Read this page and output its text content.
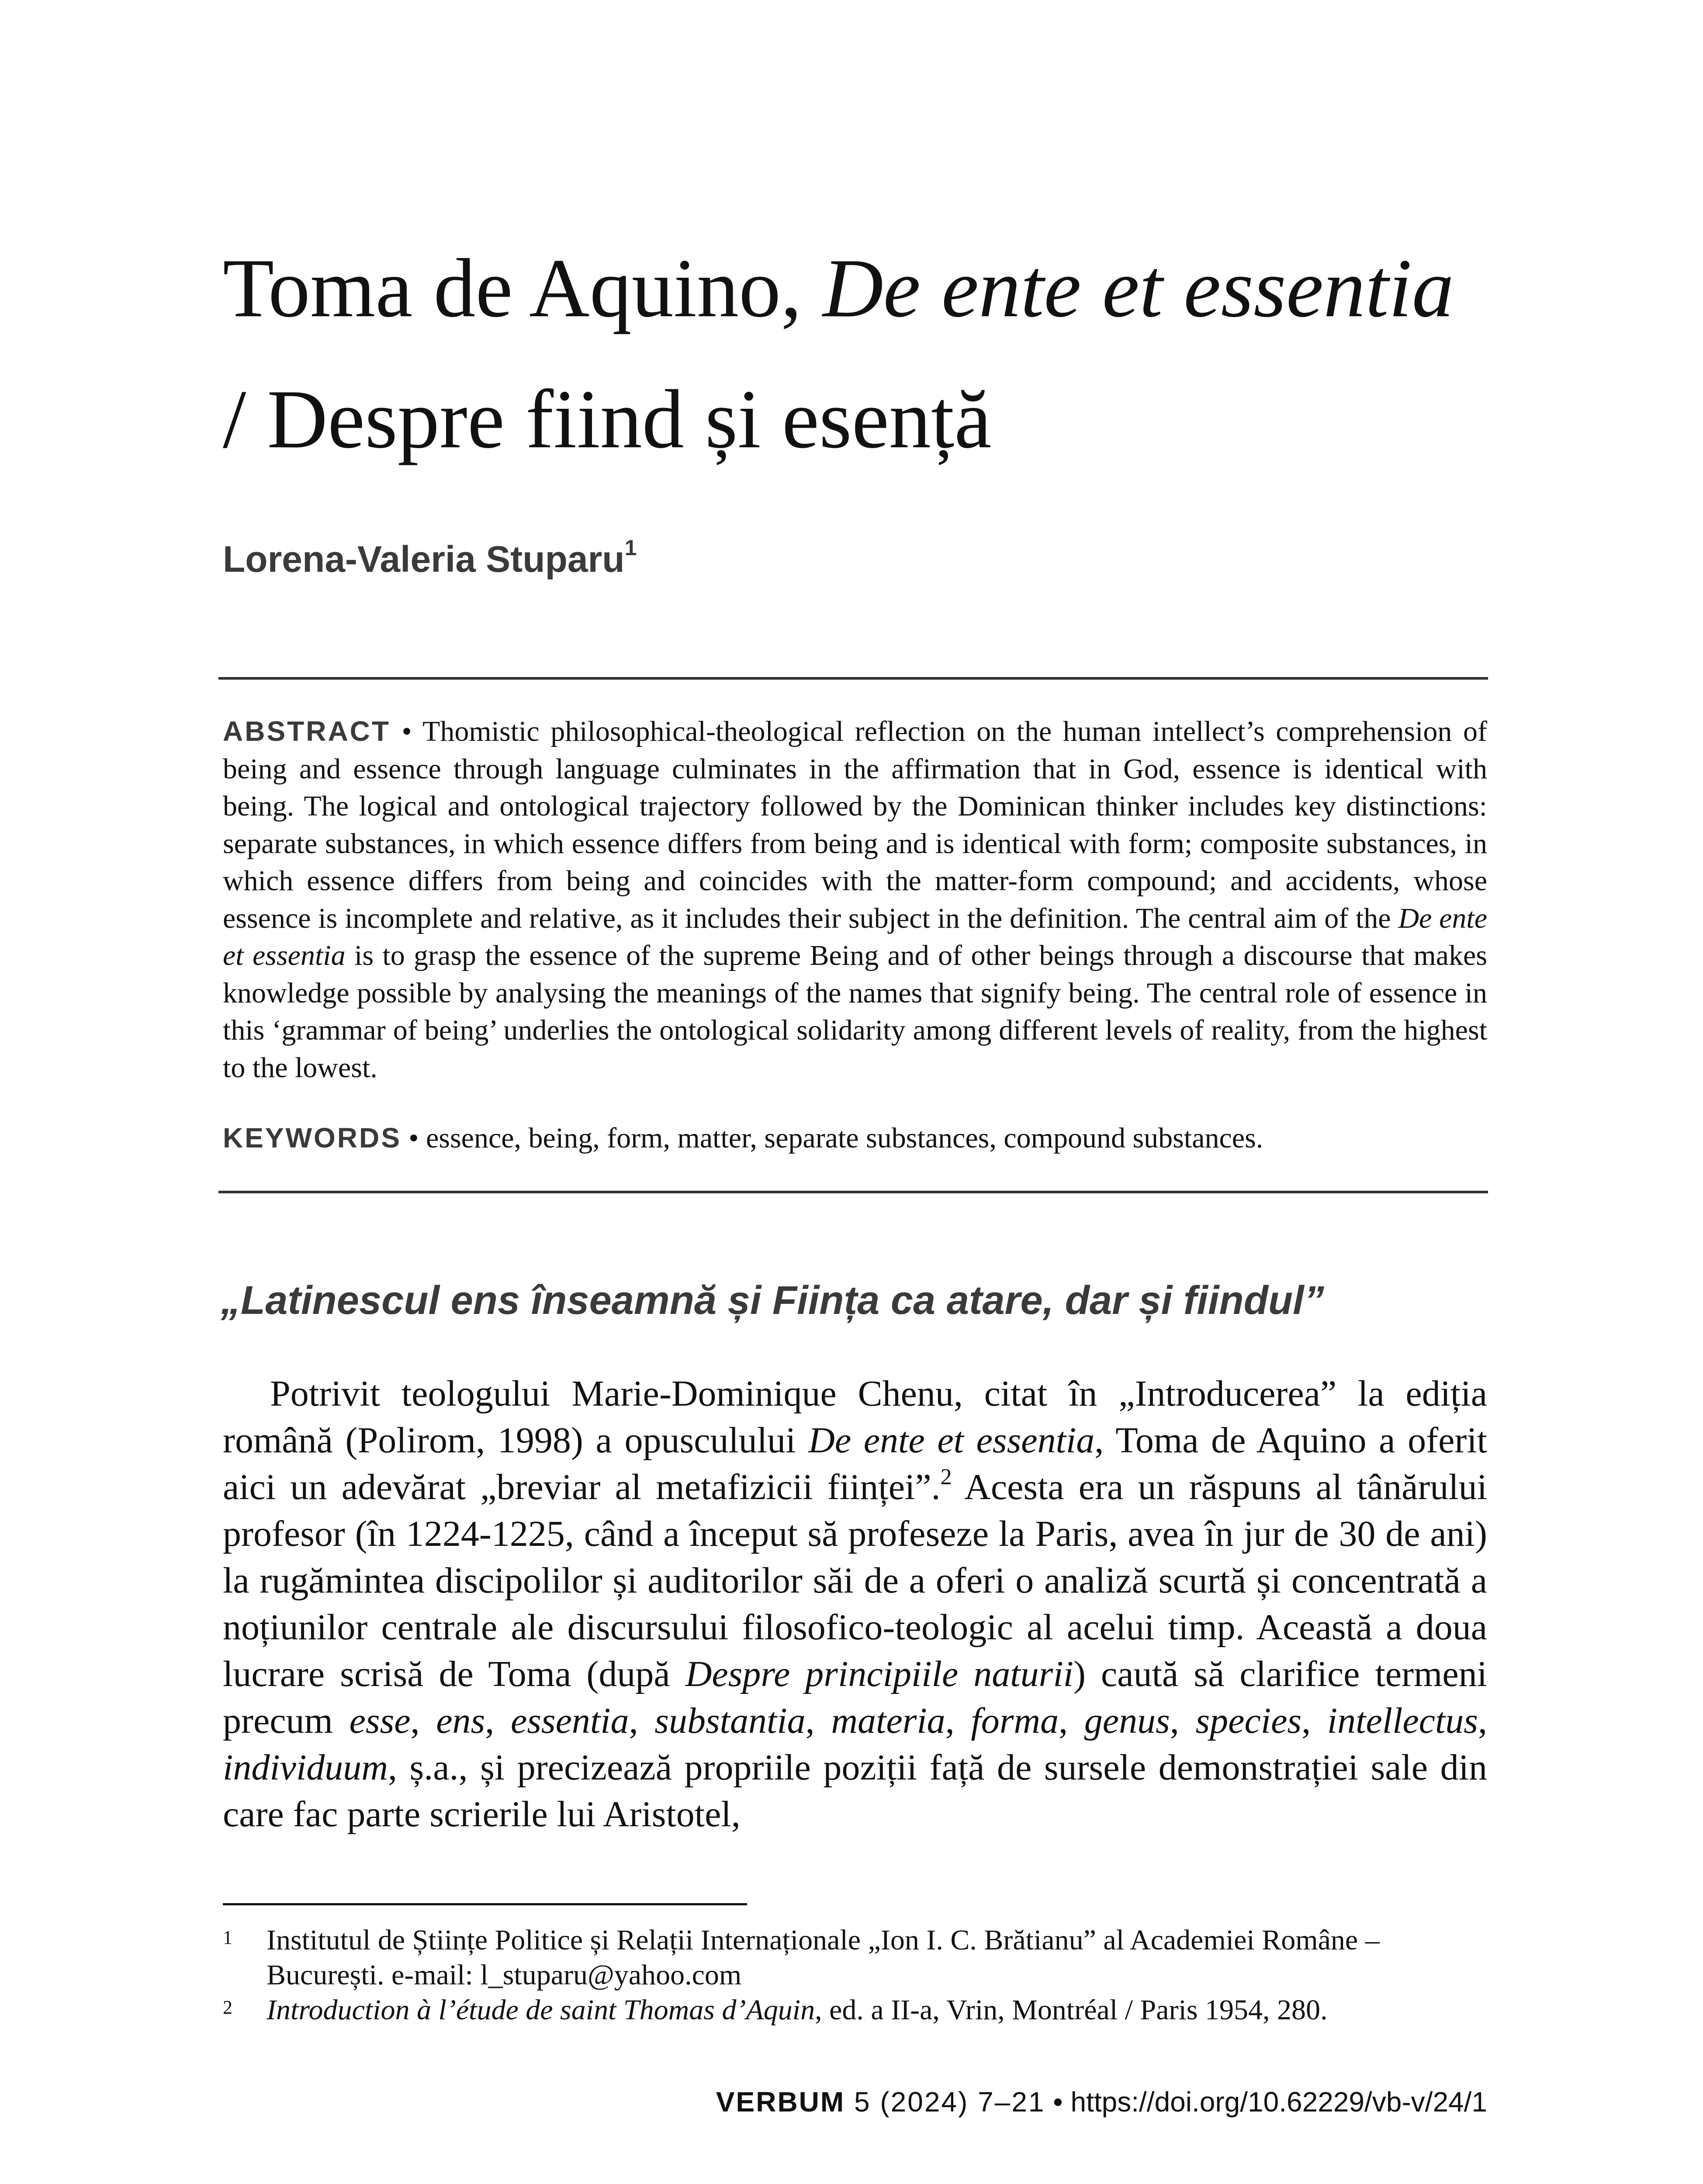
Toma de Aquino, De ente et essentia / Despre fiind și esență
Lorena-Valeria Stuparu$^1$

ABSTRACT • Thomistic philosophical-theological reflection on the human intellect’s comprehension of being and essence through language culminates in the affirmation that in God, essence is identical with being. The logical and ontological trajectory followed by the Dominican thinker includes key distinctions: separate substances, in which essence differs from being and is identical with form; composite substances, in which essence differs from being and coincides with the matter-form compound; and accidents, whose essence is incomplete and relative, as it includes their subject in the definition. The central aim of the De ente et essentia is to grasp the essence of the supreme Being and of other beings through a discourse that makes knowledge possible by analysing the meanings of the names that signify being. The central role of essence in this ‘grammar of being’ underlies the ontological solidarity among different levels of reality, from the highest to the lowest.

KEYWORDS • essence, being, form, matter, separate substances, compound substances.

„Latinescul ens înseamnă și Ființa ca atare, dar și fiindul”

Potrivit teologului Marie-Dominique Chenu, citat în „Introducerea” la ediția română (Polirom, 1998) a opusculului De ente et essentia, Toma de Aquino a oferit aici un adevărat „breviar al metafizicii ființei”.$^2$ Acesta era un răspuns al tânărului profesor (în 1224-1225, când a început să profeseze la Paris, avea în jur de 30 de ani) la rugămintea discipolilor și auditorilor săi de a oferi o analiză scurtă și concentrată a noțiunilor centrale ale discursului filosofico-teologic al acelui timp. Această a doua lucrare scrisă de Toma (după Despre principiile naturii) caută să clarifice termeni precum esse, ens, essentia, substantia, materia, forma, genus, species, intellectus, individuum, ș.a., și precizează propriile poziții față de sursele demonstrației sale din care fac parte scrierile lui Aristotel,

1 Institutul de Științe Politice și Relații Internaționale „Ion I. C. Brătianu” al Academiei Române – București. e-mail: l_stuparu@yahoo.com

2 Introduction à l’étude de saint Thomas d’Aquin, ed. a II-a, Vrin, Montréal / Paris 1954, 280.

VERBUM 5 (2024) 7–21 • https://doi.org/10.62229/vb-v/24/1
